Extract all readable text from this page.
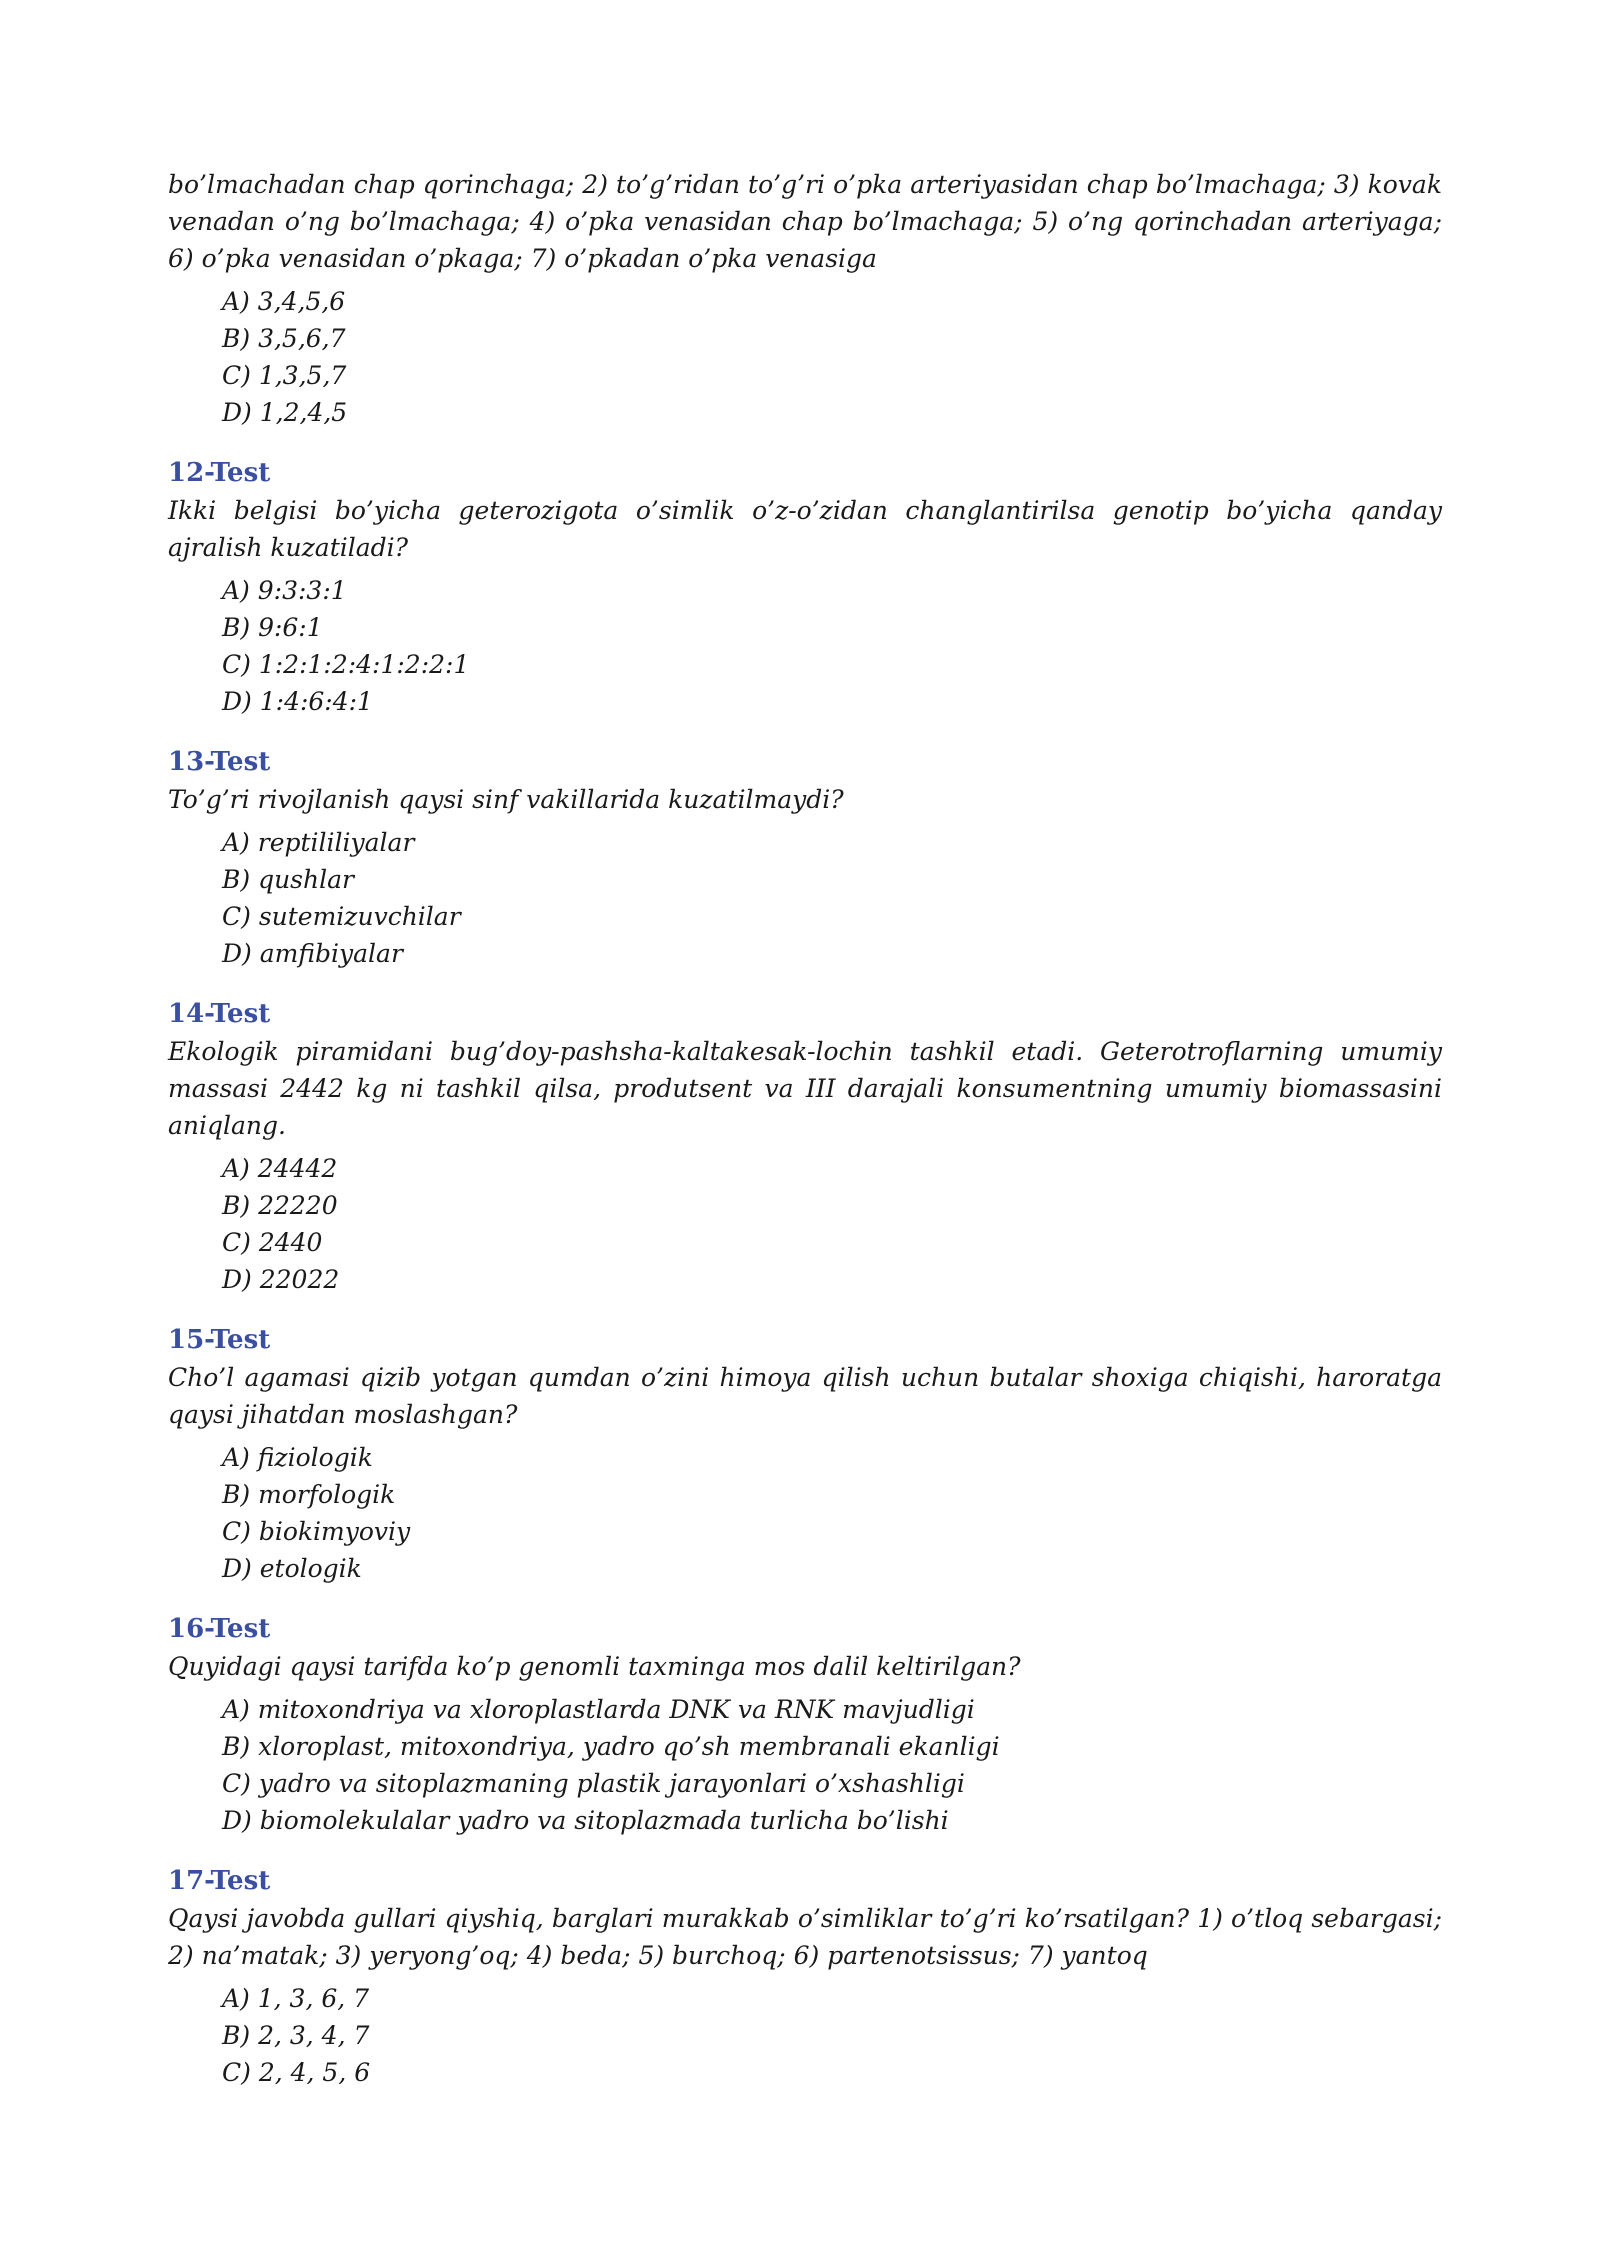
bo’lmachadan chap qorinchaga; 2) to’g’ridan to’g’ri o’pka arteriyasidan chap bo’lmachaga; 3) kovak venadan o’ng bo’lmachaga; 4) o’pka venasidan chap bo’lmachaga; 5) o’ng qorinchadan arteriyaga; 6) o’pka venasidan o’pkaga; 7) o’pkadan o’pka venasiga

A) 3,4,5,6
B) 3,5,6,7
C) 1,3,5,7
D) 1,2,4,5
12-Test

Ikki belgisi bo’yicha geterozigota o’simlik o’z-o’zidan changlantirilsa genotip bo’yicha qanday ajralish kuzatiladi?

A) 9:3:3:1
B) 9:6:1
C) 1:2:1:2:4:1:2:2:1
D) 1:4:6:4:1
13-Test

To’g’ri rivojlanish qaysi sinf vakillarida kuzatilmaydi?

A) reptililiyalar
B) qushlar
C) sutemizuvchilar
D) amfibiyalar
14-Test

Ekologik piramidani bug’doy-pashsha-kaltakesak-lochin tashkil etadi. Geterotroflarning umumiy massasi 2442 kg ni tashkil qilsa, produtsent va III darajali konsumentning umumiy biomassasini aniqlang.

A) 24442
B) 22220
C) 2440
D) 22022
15-Test

Cho’l agamasi qizib yotgan qumdan o’zini himoya qilish uchun butalar shoxiga chiqishi, haroratga qaysi jihatdan moslashgan?

A) fiziologik
B) morfologik
C) biokimyoviy
D) etologik
16-Test

Quyidagi qaysi tarifda ko’p genomli taxminga mos dalil keltirilgan?

A) mitoxondriya va xloroplastlarda DNK va RNK mavjudligi
B) xloroplast, mitoxondriya, yadro qo’sh membranali ekanligi
C) yadro va sitoplazmaning plastik jarayonlari o’xshashligi
D) biomolekulalar yadro va sitoplazmada turlicha bo’lishi
17-Test

Qaysi javobda gullari qiyshiq, barglari murakkab o’simliklar to’g’ri ko’rsatilgan? 1) o’tloq sebargasi; 2) na’matak; 3) yeryong’oq; 4) beda; 5) burchoq; 6) partenotsissus; 7) yantoq

A) 1, 3, 6, 7
B) 2, 3, 4, 7
C) 2, 4, 5, 6
